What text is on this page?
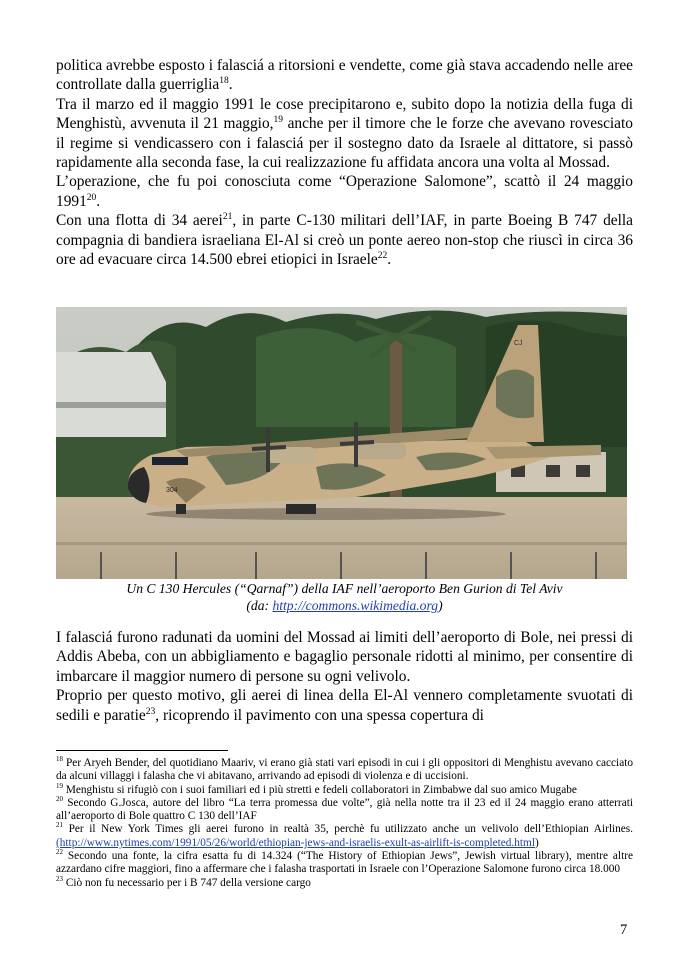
politica avrebbe esposto i falasciá a ritorsioni e vendette, come già stava accadendo nelle aree controllate dalla guerriglia$^{18}$.

Tra il marzo ed il maggio 1991 le cose precipitarono e, subito dopo la notizia della fuga di Menghistù, avvenuta il 21 maggio,$^{19}$ anche per il timore che le forze che avevano rovesciato il regime si vendicassero con i falasciá per il sostegno dato da Israele al dittatore, si passò rapidamente alla seconda fase, la cui realizzazione fu affidata ancora una volta al Mossad.

L’operazione, che fu poi conosciuta come “Operazione Salomone”, scattò il 24 maggio 1991$^{20}$.

Con una flotta di 34 aerei$^{21}$, in parte C-130 militari dell’IAF, in parte Boeing B 747 della compagnia di bandiera israeliana El-Al si creò un ponte aereo non-stop che riuscì in circa 36 ore ad evacuare circa 14.500 ebrei etiopici in Israele$^{22}$.

CJ
304
Un C 130 Hercules (“Qarnaf”) della IAF nell’aeroporto Ben Gurion di Tel Aviv
(da: http://commons.wikimedia.org)

I falasciá furono radunati da uomini del Mossad ai limiti dell’aeroporto di Bole, nei pressi di Addis Abeba, con un abbigliamento e bagaglio personale ridotti al minimo, per consentire di imbarcare il maggior numero di persone su ogni velivolo.

Proprio per questo motivo, gli aerei di linea della El-Al vennero completamente svuotati di sedili e paratie$^{23}$, ricoprendo il pavimento con una spessa copertura di

$^{18}$ Per Aryeh Bender, del quotidiano Maariv, vi erano già stati vari episodi in cui i gli oppositori di Menghistu avevano cacciato da alcuni villaggi i falasha che vi abitavano, arrivando ad episodi di violenza e di uccisioni.

$^{19}$ Menghistu si rifugiò con i suoi familiari ed i più stretti e fedeli collaboratori in Zimbabwe dal suo amico Mugabe

$^{20}$ Secondo G.Josca, autore del libro “La terra promessa due volte”, già nella notte tra il 23 ed il 24 maggio erano atterrati all’aeroporto di Bole quattro C 130 dell’IAF

$^{21}$ Per il New York Times gli aerei furono in realtà 35, perchè fu utilizzato anche un velivolo dell’Ethiopian Airlines.(http://www.nytimes.com/1991/05/26/world/ethiopian-jews-and-israelis-exult-as-airlift-is-completed.html)

$^{22}$ Secondo una fonte, la cifra esatta fu di 14.324 (“The History of Ethiopian Jews”, Jewish virtual library), mentre altre azzardano cifre maggiori, fino a affermare che i falasha trasportati in Israele con l’Operazione Salomone furono circa 18.000

$^{23}$ Ciò non fu necessario per i B 747 della versione cargo

7
